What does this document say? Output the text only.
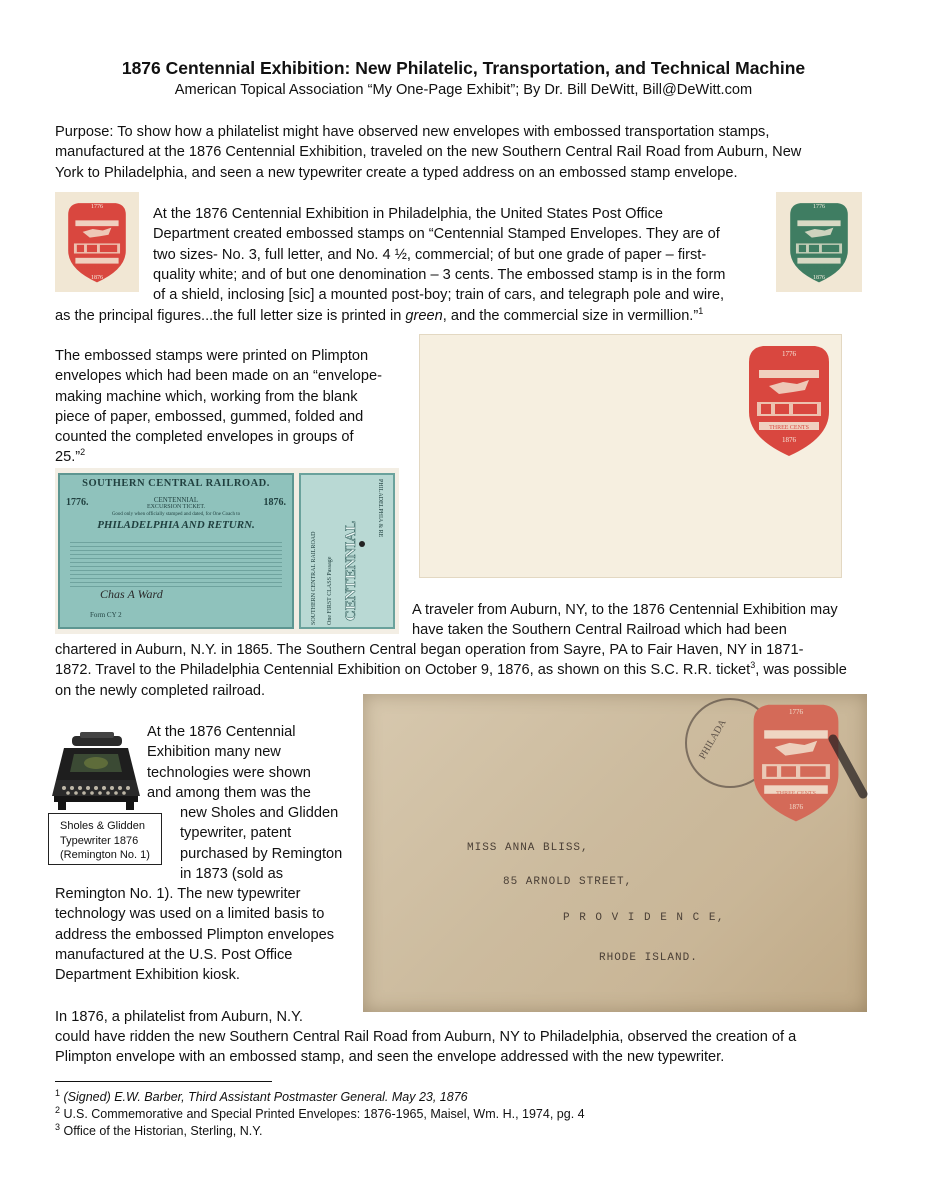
1876 Centennial Exhibition: New Philatelic, Transportation, and Technical Machine
American Topical Association “My One-Page Exhibit”; By Dr. Bill DeWitt, Bill@DeWitt.com
Purpose: To show how a philatelist might have observed new envelopes with embossed transportation stamps,
manufactured at the 1876 Centennial Exhibition, traveled on the new Southern Central Rail Road from Auburn, New
York to Philadelphia, and seen a new typewriter create a typed address on an embossed stamp envelope.
1776
THREE CENTS
1876
1776
THREE CENTS
1876
At the 1876 Centennial Exhibition in Philadelphia, the United States Post Office
Department created embossed stamps on “Centennial Stamped Envelopes. They are of
two sizes- No. 3, full letter, and No. 4 ½, commercial; of but one grade of paper – first-
quality white; and of but one denomination – 3 cents. The embossed stamp is in the form
of a shield, inclosing [sic] a mounted post-boy; train of cars, and telegraph pole and wire,
as the principal figures...the full letter size is printed in green, and the commercial size in vermillion.”$^1$
The embossed stamps were printed on Plimpton
envelopes which had been made on an “envelope-
making machine which, working from the blank
piece of paper, embossed, gummed, folded and
counted the completed envelopes in groups of
25.”$^2$
1776
THREE CENTS
1876
SOUTHERN CENTRAL RAILROAD.
1776.	1876.
CENTENNIAL
EXCURSION TICKET.
Good only when officially stamped and dated, for One Coach to
PHILADELPHIA AND RETURN.
Chas A Ward
Form CY 2	SOUTHERN CENTRAL RAILROAD One FIRST CLASS Passage CENTENNIAL
PHILADELPHIA & RE
A traveler from Auburn, NY, to the 1876 Centennial Exhibition may
have taken the Southern Central Railroad which had been
chartered in Auburn, N.Y. in 1865. The Southern Central began operation from Sayre, PA to Fair Haven, NY in 1871-
1872. Travel to the Philadelphia Centennial Exhibition on October 9, 1876, as shown on this S.C. R.R. ticket$^3$, was possible
on the newly completed railroad.
Sholes & Glidden
Typewriter 1876
(Remington No. 1)
At the 1876 Centennial
Exhibition many new
technologies were shown
and among them was the
new Sholes and Glidden
typewriter, patent
purchased by Remington
in 1873 (sold as
Remington No. 1). The new typewriter
technology was used on a limited basis to
address the embossed Plimpton envelopes
manufactured at the U.S. Post Office
Department Exhibition kiosk.
PHILADA
1776
THREE CENTS
1876
MISS ANNA BLISS,
85 ARNOLD STREET,
P R O V I D E N C E,
RHODE ISLAND.
In 1876, a philatelist from Auburn, N.Y.
could have ridden the new Southern Central Rail Road from Auburn, NY to Philadelphia, observed the creation of a
Plimpton envelope with an embossed stamp, and seen the envelope addressed with the new typewriter.
$^1$ (Signed) E.W. Barber, Third Assistant Postmaster General. May 23, 1876
$^2$ U.S. Commemorative and Special Printed Envelopes: 1876-1965, Maisel, Wm. H., 1974, pg. 4
$^3$ Office of the Historian, Sterling, N.Y.
